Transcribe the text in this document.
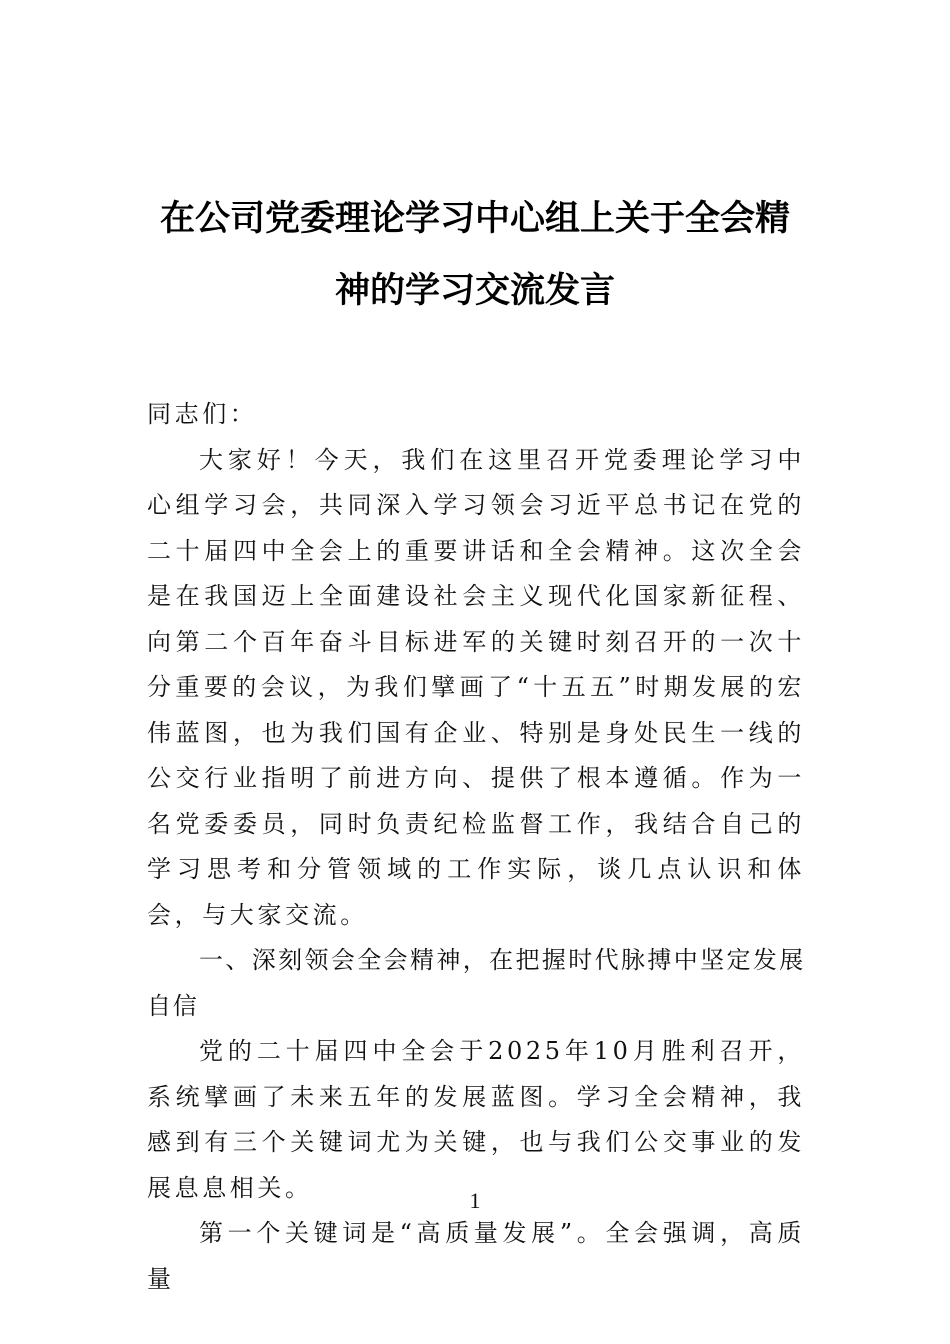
在公司党委理论学习中心组上关于全会精
神的学习交流发言

同志们：

大家好！今天，我们在这里召开党委理论学习中心组学习会，共同深入学习领会习近平总书记在党的二十届四中全会上的重要讲话和全会精神。这次全会是在我国迈上全面建设社会主义现代化国家新征程、向第二个百年奋斗目标进军的关键时刻召开的一次十分重要的会议，为我们擘画了“十五五”时期发展的宏伟蓝图，也为我们国有企业、特别是身处民生一线的公交行业指明了前进方向、提供了根本遵循。作为一名党委委员，同时负责纪检监督工作，我结合自己的学习思考和分管领域的工作实际，谈几点认识和体会，与大家交流。

一、深刻领会全会精神，在把握时代脉搏中坚定发展自信

党的二十届四中全会于2025年10月胜利召开，系统擘画了未来五年的发展蓝图。学习全会精神，我感到有三个关键词尤为关键，也与我们公交事业的发展息息相关。

第一个关键词是“高质量发展”。全会强调，高质量

1
